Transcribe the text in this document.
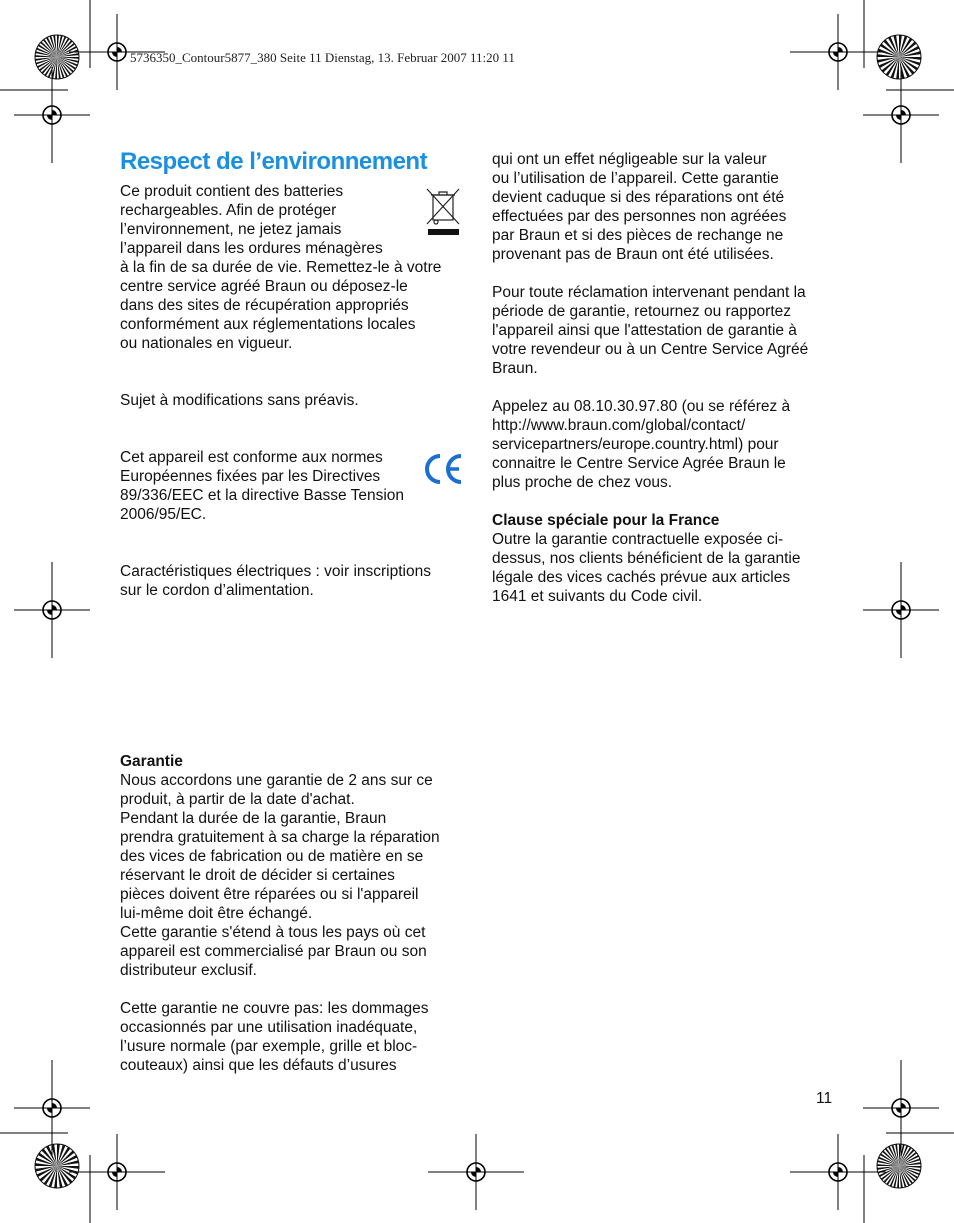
5736350_Contour5877_380 Seite 11 Dienstag, 13. Februar 2007 11:20 11
Respect de l’environnement
Ce produit contient des batteries
rechargeables. Afin de protéger
l’environnement, ne jetez jamais
l’appareil dans les ordures ménagères
à la fin de sa durée de vie. Remettez-le à votre
centre service agréé Braun ou déposez-le
dans des sites de récupération appropriés
conformément aux réglementations locales
ou nationales en vigueur.

Sujet à modifications sans préavis.

Cet appareil est conforme aux normes
Européennes fixées par les Directives
89/336/EEC et la directive Basse Tension
2006/95/EC.
Caractéristiques électriques : voir inscriptions
sur le cordon d’alimentation.

Garantie

Nous accordons une garantie de 2 ans sur ce
produit, à partir de la date d'achat.
Pendant la durée de la garantie, Braun
prendra gratuitement à sa charge la réparation
des vices de fabrication ou de matière en se
réservant le droit de décider si certaines
pièces doivent être réparées ou si l'appareil
lui-même doit être échangé.
Cette garantie s'étend à tous les pays où cet
appareil est commercialisé par Braun ou son
distributeur exclusif.
Cette garantie ne couvre pas: les dommages
occasionnés par une utilisation inadéquate,
l’usure normale (par exemple, grille et bloc-
couteaux) ainsi que les défauts d’usures
qui ont un effet négligeable sur la valeur
ou l’utilisation de l’appareil. Cette garantie
devient caduque si des réparations ont été
effectuées par des personnes non agréées
par Braun et si des pièces de rechange ne
provenant pas de Braun ont été utilisées.
Pour toute réclamation intervenant pendant la
période de garantie, retournez ou rapportez
l'appareil ainsi que l'attestation de garantie à
votre revendeur ou à un Centre Service Agréé
Braun.
Appelez au 08.10.30.97.80 (ou se référez à
http://www.braun.com/global/contact/
servicepartners/europe.country.html) pour
connaitre le Centre Service Agrée Braun le
plus proche de chez vous.

Clause spéciale pour la France

Outre la garantie contractuelle exposée ci-
dessus, nos clients bénéficient de la garantie
légale des vices cachés prévue aux articles
1641 et suivants du Code civil.
11
